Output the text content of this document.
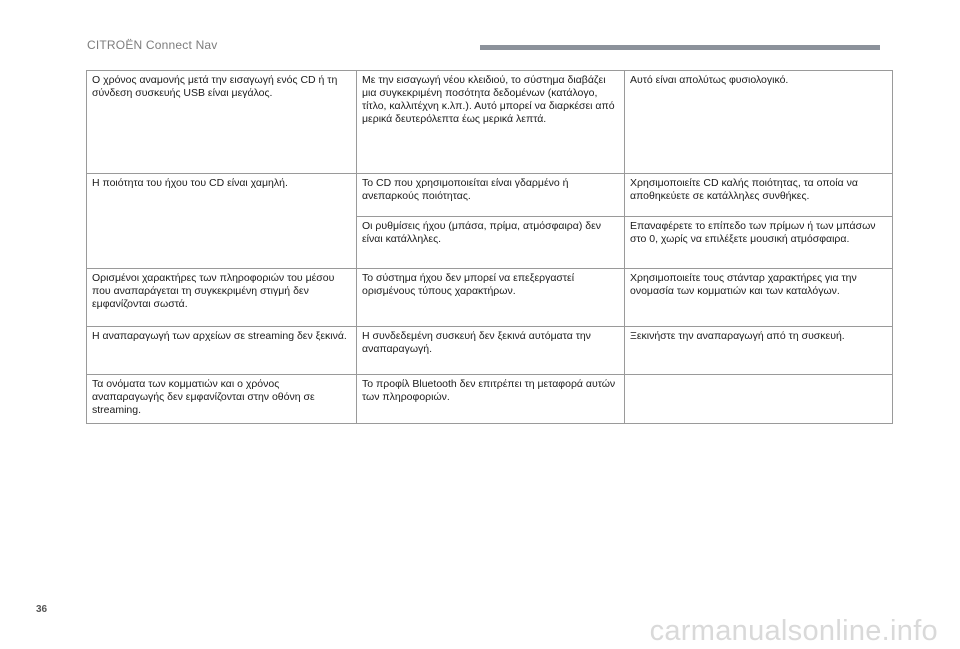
CITROËN Connect Nav
Ο χρόνος αναμονής μετά την εισαγωγή ενός CD ή τη σύνδεση συσκευής USB είναι μεγάλος.	Με την εισαγωγή νέου κλειδιού, το σύστημα διαβάζει μια συγκεκριμένη ποσότητα δεδομένων (κατάλογο, τίτλο, καλλιτέχνη κ.λπ.). Αυτό μπορεί να διαρκέσει από μερικά δευτερόλεπτα έως μερικά λεπτά.	Αυτό είναι απολύτως φυσιολογικό.
Η ποιότητα του ήχου του CD είναι χαμηλή.	Το CD που χρησιμοποιείται είναι γδαρμένο ή ανεπαρκούς ποιότητας.	Χρησιμοποιείτε CD καλής ποιότητας, τα οποία να αποθηκεύετε σε κατάλληλες συνθήκες.
	Οι ρυθμίσεις ήχου (μπάσα, πρίμα, ατμόσφαιρα) δεν είναι κατάλληλες.	Επαναφέρετε το επίπεδο των πρίμων ή των μπάσων στο 0, χωρίς να επιλέξετε μουσική ατμόσφαιρα.
Ορισμένοι χαρακτήρες των πληροφοριών του μέσου που αναπαράγεται τη συγκεκριμένη στιγμή δεν εμφανίζονται σωστά.	Το σύστημα ήχου δεν μπορεί να επεξεργαστεί ορισμένους τύπους χαρακτήρων.	Χρησιμοποιείτε τους στάνταρ χαρακτήρες για την ονομασία των κομματιών και των καταλόγων.
Η αναπαραγωγή των αρχείων σε streaming δεν ξεκινά.	Η συνδεδεμένη συσκευή δεν ξεκινά αυτόματα την αναπαραγωγή.	Ξεκινήστε την αναπαραγωγή από τη συσκευή.
Τα ονόματα των κομματιών και ο χρόνος αναπαραγωγής δεν εμφανίζονται στην οθόνη σε streaming.	Το προφίλ Bluetooth δεν επιτρέπει τη μεταφορά αυτών των πληροφοριών.	
36
carmanualsonline.info
